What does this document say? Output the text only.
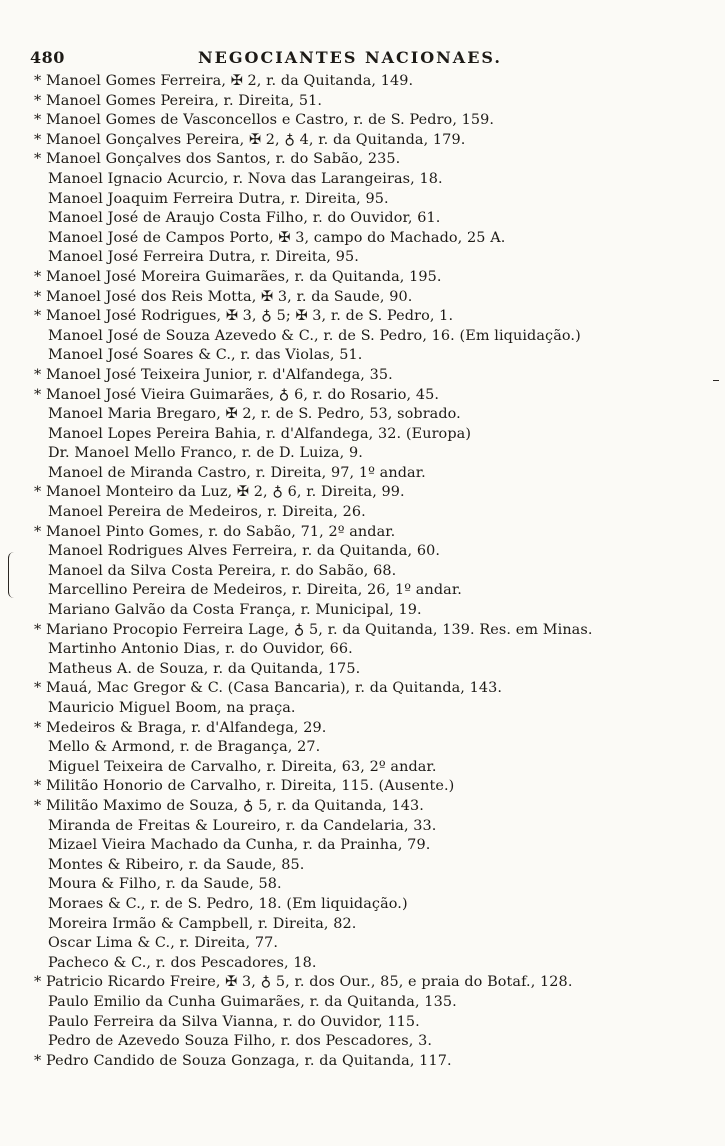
480	NEGOCIANTES NACIONAES.
* Manoel Gomes Ferreira, ✠ 2, r. da Quitanda, 149.
* Manoel Gomes Pereira, r. Direita, 51.
* Manoel Gomes de Vasconcellos e Castro, r. de S. Pedro, 159.
* Manoel Gonçalves Pereira, ✠ 2, ♁ 4, r. da Quitanda, 179.
* Manoel Gonçalves dos Santos, r. do Sabão, 235.
Manoel Ignacio Acurcio, r. Nova das Larangeiras, 18.
Manoel Joaquim Ferreira Dutra, r. Direita, 95.
Manoel José de Araujo Costa Filho, r. do Ouvidor, 61.
Manoel José de Campos Porto, ✠ 3, campo do Machado, 25 A.
Manoel José Ferreira Dutra, r. Direita, 95.
* Manoel José Moreira Guimarães, r. da Quitanda, 195.
* Manoel José dos Reis Motta, ✠ 3, r. da Saude, 90.
* Manoel José Rodrigues, ✠ 3, ♁ 5; ✠ 3, r. de S. Pedro, 1.
Manoel José de Souza Azevedo & C., r. de S. Pedro, 16. (Em liquidação.)
Manoel José Soares & C., r. das Violas, 51.
* Manoel José Teixeira Junior, r. d'Alfandega, 35.
* Manoel José Vieira Guimarães, ♁ 6, r. do Rosario, 45.
Manoel Maria Bregaro, ✠ 2, r. de S. Pedro, 53, sobrado.
Manoel Lopes Pereira Bahia, r. d'Alfandega, 32. (Europa)
Dr. Manoel Mello Franco, r. de D. Luiza, 9.
Manoel de Miranda Castro, r. Direita, 97, 1º andar.
* Manoel Monteiro da Luz, ✠ 2, ♁ 6, r. Direita, 99.
Manoel Pereira de Medeiros, r. Direita, 26.
* Manoel Pinto Gomes, r. do Sabão, 71, 2º andar.
Manoel Rodrigues Alves Ferreira, r. da Quitanda, 60.
Manoel da Silva Costa Pereira, r. do Sabão, 68.
Marcellino Pereira de Medeiros, r. Direita, 26, 1º andar.
Mariano Galvão da Costa França, r. Municipal, 19.
* Mariano Procopio Ferreira Lage, ♁ 5, r. da Quitanda, 139. Res. em Minas.
Martinho Antonio Dias, r. do Ouvidor, 66.
Matheus A. de Souza, r. da Quitanda, 175.
* Mauá, Mac Gregor & C. (Casa Bancaria), r. da Quitanda, 143.
Mauricio Miguel Boom, na praça.
* Medeiros & Braga, r. d'Alfandega, 29.
Mello & Armond, r. de Bragança, 27.
Miguel Teixeira de Carvalho, r. Direita, 63, 2º andar.
* Militão Honorio de Carvalho, r. Direita, 115. (Ausente.)
* Militão Maximo de Souza, ♁ 5, r. da Quitanda, 143.
Miranda de Freitas & Loureiro, r. da Candelaria, 33.
Mizael Vieira Machado da Cunha, r. da Prainha, 79.
Montes & Ribeiro, r. da Saude, 85.
Moura & Filho, r. da Saude, 58.
Moraes & C., r. de S. Pedro, 18. (Em liquidação.)
Moreira Irmão & Campbell, r. Direita, 82.
Oscar Lima & C., r. Direita, 77.
Pacheco & C., r. dos Pescadores, 18.
* Patricio Ricardo Freire, ✠ 3, ♁ 5, r. dos Our., 85, e praia do Botaf., 128.
Paulo Emilio da Cunha Guimarães, r. da Quitanda, 135.
Paulo Ferreira da Silva Vianna, r. do Ouvidor, 115.
Pedro de Azevedo Souza Filho, r. dos Pescadores, 3.
* Pedro Candido de Souza Gonzaga, r. da Quitanda, 117.
